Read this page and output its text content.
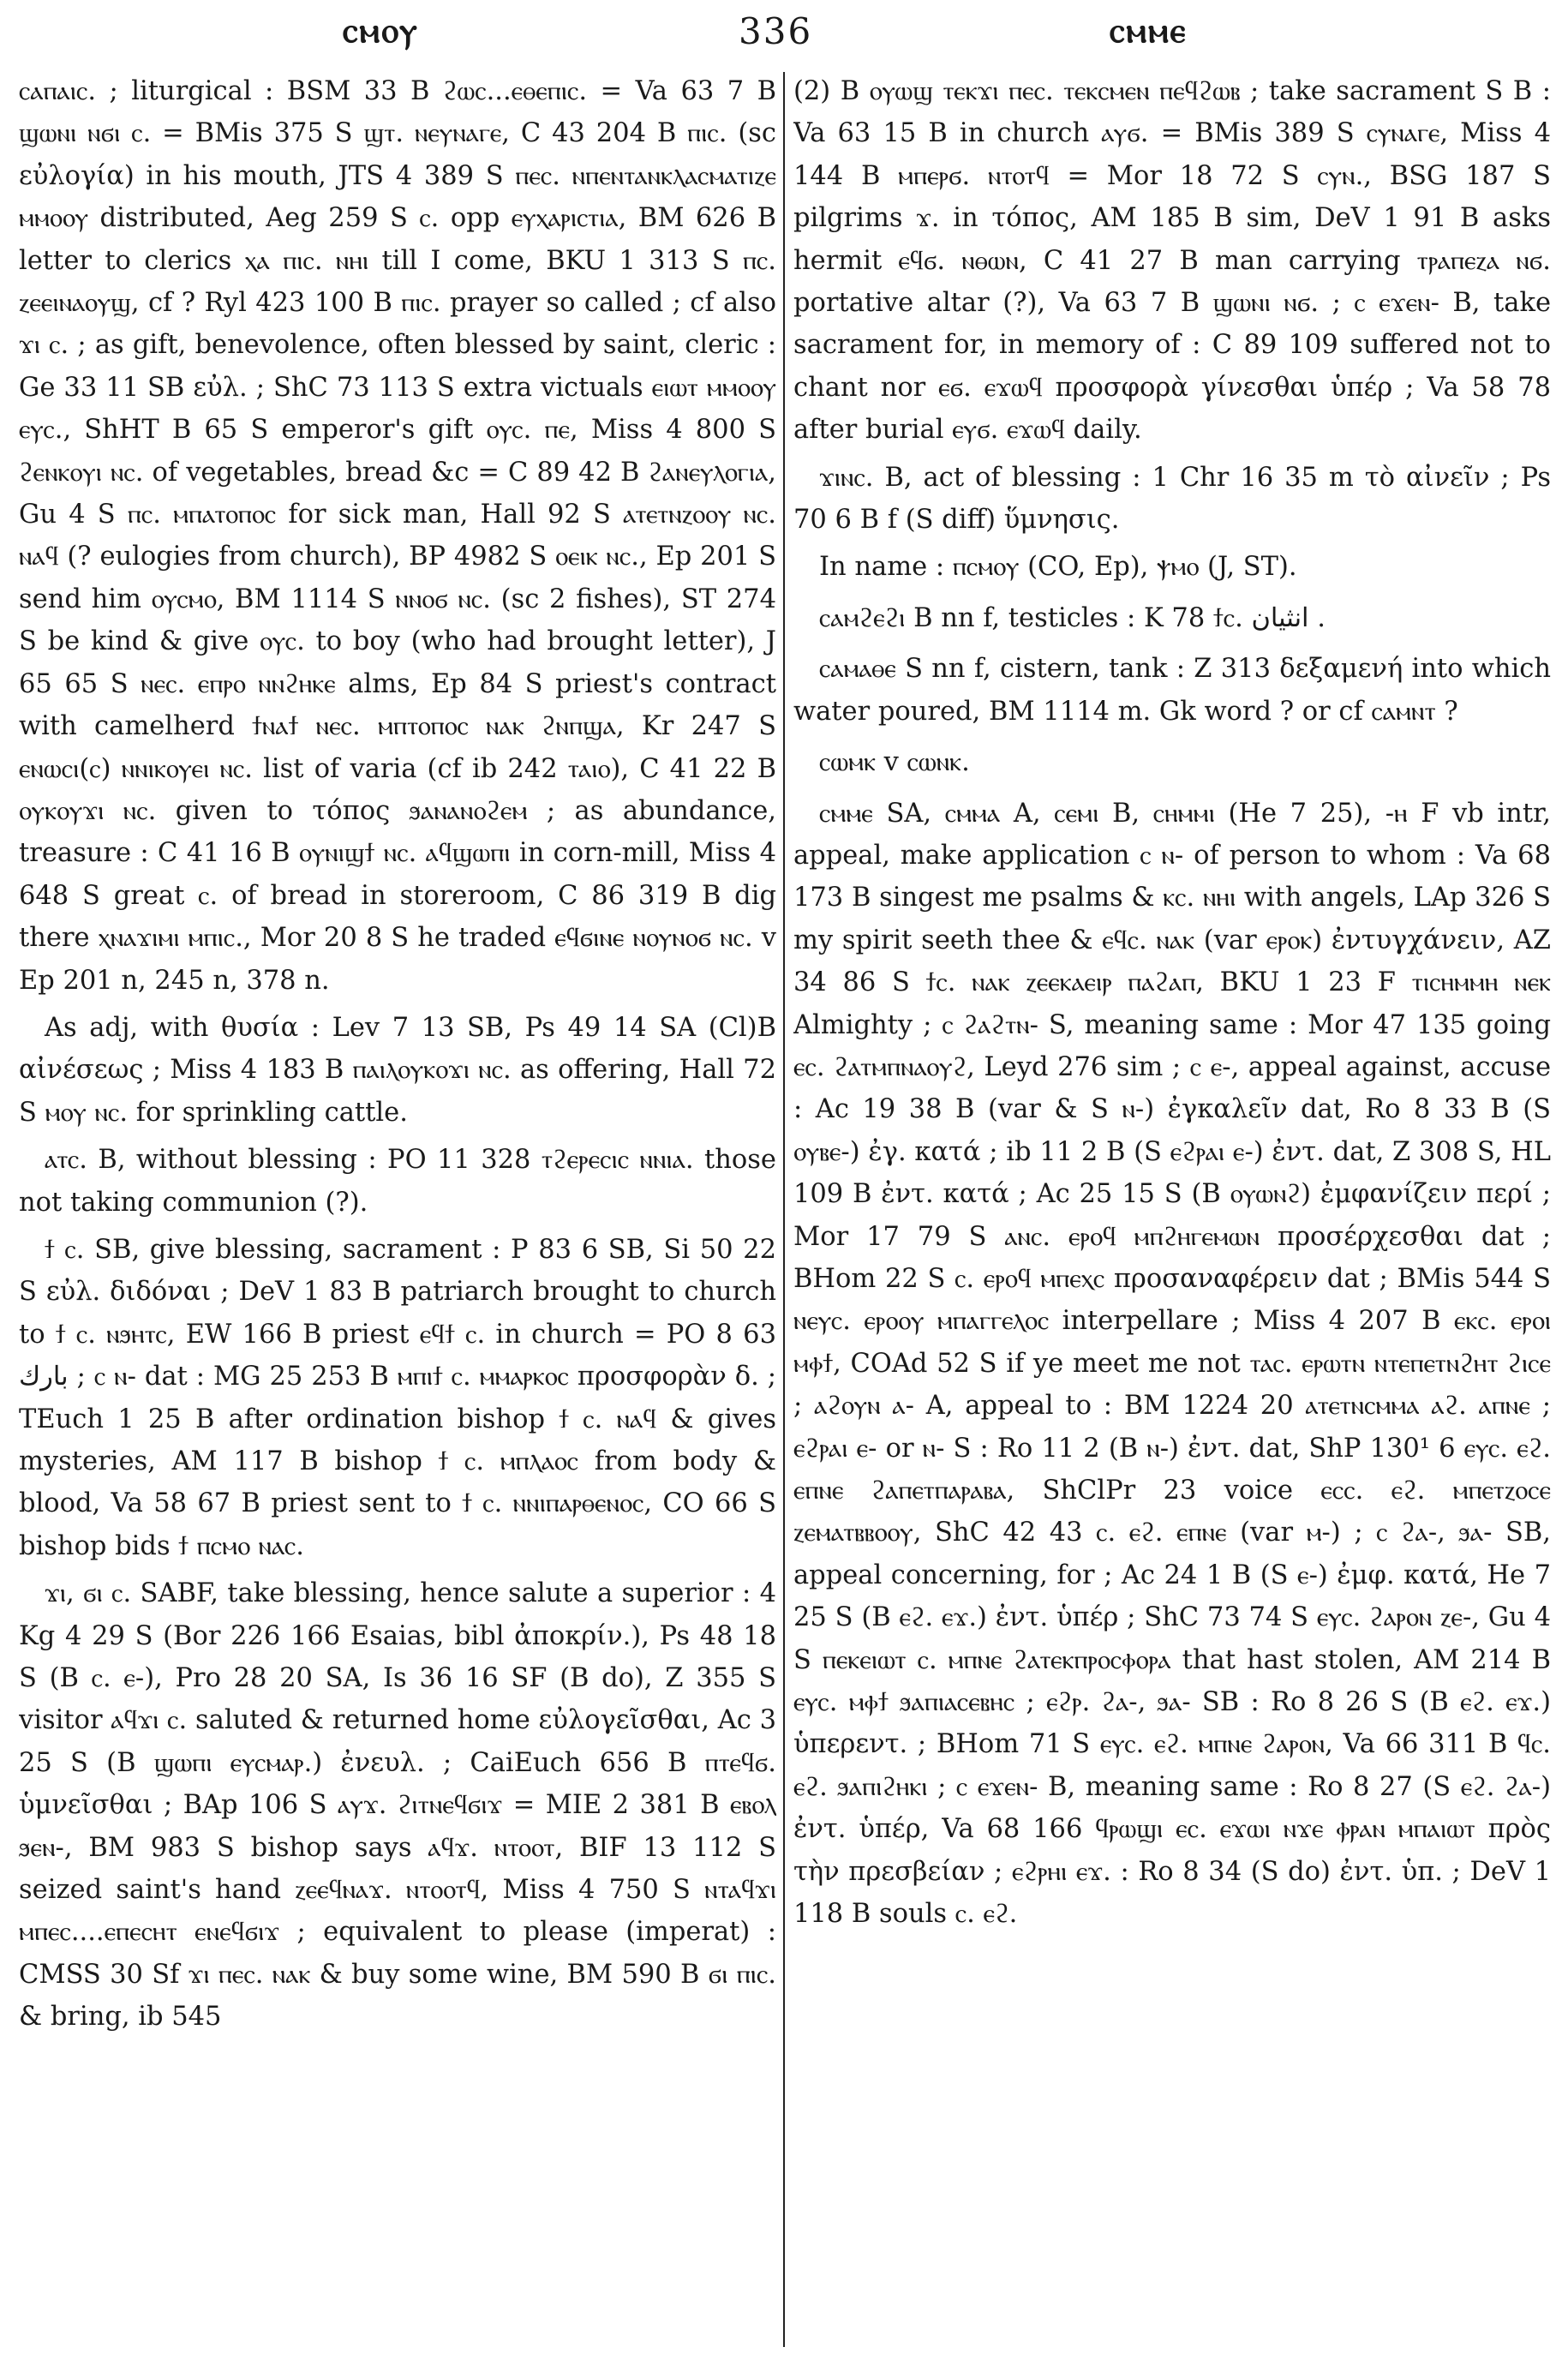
ⲥⲙⲟⲩ	336	ⲥⲙⲙⲉ

ⲥⲁⲡⲁⲓⲥ. ; liturgical : BSM 33 B ϩⲱⲥ...ⲉⲑⲉⲡⲓⲥ. = Va 63 7 B ϣⲱⲛⲓ ⲛϭⲓ ⲥ. = BMis 375 S ϣⲧ. ⲛⲉⲩⲛⲁⲅⲉ, C 43 204 B ⲡⲓⲥ. (sc εὐλογία) in his mouth, JTS 4 389 S ⲡⲉⲥ. ⲛⲡⲉⲛⲧⲁⲛⲕⲗⲁⲥⲙⲁⲧⲓⲍⲉ ⲙⲙⲟⲟⲩ distributed, Aeg 259 S ⲥ. opp ⲉⲩⲭⲁⲣⲓⲥⲧⲓⲁ, BM 626 B letter to clerics ⲭⲁ ⲡⲓⲥ. ⲛⲏⲓ till I come, BKU 1 313 S ⲡⲥ. ⲍⲉⲉⲓⲛⲁⲟⲩϣ, cf ? Ryl 423 100 B ⲡⲓⲥ. prayer so called ; cf also ϫⲓ ⲥ. ; as gift, benevolence, often blessed by saint, cleric : Ge 33 11 SB εὐλ. ; ShC 73 113 S extra victuals ⲉⲓⲱⲧ ⲙⲙⲟⲟⲩ ⲉⲩⲥ., ShHT B 65 S emperor's gift ⲟⲩⲥ. ⲡⲉ, Miss 4 800 S ϩⲉⲛⲕⲟⲩⲓ ⲛⲥ. of vegetables, bread &c = C 89 42 B ϩⲁⲛⲉⲩⲗⲟⲅⲓⲁ, Gu 4 S ⲡⲥ. ⲙⲡⲁⲧⲟⲡⲟⲥ for sick man, Hall 92 S ⲁⲧⲉⲧⲛⲍⲟⲟⲩ ⲛⲥ. ⲛⲁϥ (? eulogies from church), BP 4982 S ⲟⲉⲓⲕ ⲛⲥ., Ep 201 S send him ⲟⲩⲥⲙⲟ, BM 1114 S ⲛⲛⲟϭ ⲛⲥ. (sc 2 fishes), ST 274 S be kind & give ⲟⲩⲥ. to boy (who had brought letter), J 65 65 S ⲛⲉⲥ. ⲉⲡⲣⲟ ⲛⲛϩⲏⲕⲉ alms, Ep 84 S priest's contract with camelherd ϯⲛⲁϯ ⲛⲉⲥ. ⲙⲡⲧⲟⲡⲟⲥ ⲛⲁⲕ ϩⲛⲡϣⲁ, Kr 247 S ⲉⲛⲱⲥⲓ(ⲥ) ⲛⲛⲓⲕⲟⲩⲉⲓ ⲛⲥ. list of varia (cf ib 242 ⲧⲁⲓⲟ), C 41 22 B ⲟⲩⲕⲟⲩϫⲓ ⲛⲥ. given to τόπος ϧⲁⲛⲁⲛⲟϩⲉⲙ ; as abundance, treasure : C 41 16 B ⲟⲩⲛⲓϣϯ ⲛⲥ. ⲁϥϣⲱⲡⲓ in corn-mill, Miss 4 648 S great ⲥ. of bread in storeroom, C 86 319 B dig there ⲭⲛⲁϫⲓⲙⲓ ⲙⲡⲓⲥ., Mor 20 8 S he traded ⲉϥϭⲓⲛⲉ ⲛⲟⲩⲛⲟϭ ⲛⲥ. v Ep 201 n, 245 n, 378 n.

As adj, with θυσία : Lev 7 13 SB, Ps 49 14 SA (Cl)B αἰνέσεως ; Miss 4 183 B ⲡⲁⲓⲗⲟⲩⲕⲟϫⲓ ⲛⲥ. as offering, Hall 72 S ⲙⲟⲩ ⲛⲥ. for sprinkling cattle.

ⲁⲧⲥ. B, without blessing : PO 11 328 ⲧϩⲉⲣⲉⲥⲓⲥ ⲛⲛⲓⲁ. those not taking communion (?).

ϯ ⲥ. SB, give blessing, sacrament : P 83 6 SB, Si 50 22 S εὐλ. διδόναι ; DeV 1 83 B patriarch brought to church to ϯ ⲥ. ⲛϧⲏⲧⲥ, EW 166 B priest ⲉϥϯ ⲥ. in church = PO 8 63 بارك ; ⲥ ⲛ- dat : MG 25 253 B ⲙⲡⲓϯ ⲥ. ⲙⲙⲁⲣⲕⲟⲥ προσφορὰν δ. ; TEuch 1 25 B after ordination bishop ϯ ⲥ. ⲛⲁϥ & gives mysteries, AM 117 B bishop ϯ ⲥ. ⲙⲡⲗⲁⲟⲥ from body & blood, Va 58 67 B priest sent to ϯ ⲥ. ⲛⲛⲓⲡⲁⲣⲑⲉⲛⲟⲥ, CO 66 S bishop bids ϯ ⲡⲥⲙⲟ ⲛⲁⲥ.

ϫⲓ, ϭⲓ ⲥ. SABF, take blessing, hence salute a superior : 4 Kg 4 29 S (Bor 226 166 Esaias, bibl ἀποκρίν.), Ps 48 18 S (B ⲥ. ⲉ-), Pro 28 20 SA, Is 36 16 SF (B do), Z 355 S visitor ⲁϥϫⲓ ⲥ. saluted & returned home εὐλογεῖσθαι, Ac 3 25 S (B ϣⲱⲡⲓ ⲉⲩⲥⲙⲁⲣ.) ἐνευλ. ; CaiEuch 656 B ⲡⲧⲉϥϭ. ὑμνεῖσθαι ; BAp 106 S ⲁⲩϫ. ϩⲓⲧⲛⲉϥϭⲓϫ = MIE 2 381 B ⲉⲃⲟⲗ ϧⲉⲛ-, BM 983 S bishop says ⲁϥϫ. ⲛⲧⲟⲟⲧ, BIF 13 112 S seized saint's hand ⲍⲉⲉϥⲛⲁϫ. ⲛⲧⲟⲟⲧϥ, Miss 4 750 S ⲛⲧⲁϥϫⲓ ⲙⲡⲉⲥ....ⲉⲡⲉⲥⲏⲧ ⲉⲛⲉϥϭⲓϫ ; equivalent to please (imperat) : CMSS 30 Sf ϫⲓ ⲡⲉⲥ. ⲛⲁⲕ & buy some wine, BM 590 B ϭⲓ ⲡⲓⲥ. & bring, ib 545

(2) B ⲟⲩⲱϣ ⲧⲉⲕϫⲓ ⲡⲉⲥ. ⲧⲉⲕⲥⲙⲉⲛ ⲡⲉϥϩⲱⲃ ; take sacrament S B : Va 63 15 B in church ⲁⲩϭ. = BMis 389 S ⲥⲩⲛⲁⲅⲉ, Miss 4 144 B ⲙⲡⲉⲣϭ. ⲛⲧⲟⲧϥ = Mor 18 72 S ⲥⲩⲛ., BSG 187 S pilgrims ϫ. in τόπος, AM 185 B sim, DeV 1 91 B asks hermit ⲉϥϭ. ⲛⲑⲱⲛ, C 41 27 B man carrying ⲧⲣⲁⲡⲉⲍⲁ ⲛϭ. portative altar (?), Va 63 7 B ϣⲱⲛⲓ ⲛϭ. ; ⲥ ⲉϫⲉⲛ- B, take sacrament for, in memory of : C 89 109 suffered not to chant nor ⲉϭ. ⲉϫⲱϥ προσφορὰ γίνεσθαι ὑπέρ ; Va 58 78 after burial ⲉⲩϭ. ⲉϫⲱϥ daily.

ϫⲓⲛⲥ. B, act of blessing : 1 Chr 16 35 m τὸ αἰνεῖν ; Ps 70 6 B f (S diff) ὕμνησις.

In name : ⲡⲥⲙⲟⲩ (CO, Ep), ⲯⲙⲟ (J, ST).

ⲥⲁⲙϩⲉϩⲓ B nn f, testicles : K 78 ϯⲥ. انثيان .

ⲥⲁⲙⲁⲑⲉ S nn f, cistern, tank : Z 313 δεξαμενή into which water poured, BM 1114 m. Gk word ? or cf ⲥⲁⲙⲛⲧ ?

ⲥⲱⲙⲕ v ⲥⲱⲛⲕ.

ⲥⲙⲙⲉ SA, ⲥⲙⲙⲁ A, ⲥⲉⲙⲓ B, ⲥⲏⲙⲙⲓ (He 7 25), -ⲏ F vb intr, appeal, make application ⲥ ⲛ- of person to whom : Va 68 173 B singest me psalms & ⲕⲥ. ⲛⲏⲓ with angels, LAp 326 S my spirit seeth thee & ⲉϥⲥ. ⲛⲁⲕ (var ⲉⲣⲟⲕ) ἐντυγχάνειν, AZ 34 86 S ϯⲥ. ⲛⲁⲕ ⲍⲉⲉⲕⲁⲉⲓⲣ ⲡⲁϩⲁⲡ, BKU 1 23 F ⲧⲓⲥⲏⲙⲙⲏ ⲛⲉⲕ Almighty ; ⲥ ϩⲁϩⲧⲛ- S, meaning same : Mor 47 135 going ⲉⲥ. ϩⲁⲧⲙⲡⲛⲁⲟⲩϩ, Leyd 276 sim ; ⲥ ⲉ-, appeal against, accuse : Ac 19 38 B (var & S ⲛ-) ἐγκαλεῖν dat, Ro 8 33 B (S ⲟⲩⲃⲉ-) ἐγ. κατά ; ib 11 2 B (S ⲉϩⲣⲁⲓ ⲉ-) ἐντ. dat, Z 308 S, HL 109 B ἐντ. κατά ; Ac 25 15 S (B ⲟⲩⲱⲛϩ) ἐμφανίζειν περί ; Mor 17 79 S ⲁⲛⲥ. ⲉⲣⲟϥ ⲙⲡϩⲏⲅⲉⲙⲱⲛ προσέρχεσθαι dat ; BHom 22 S ⲥ. ⲉⲣⲟϥ ⲙⲡⲉⲭⲥ προσαναφέρειν dat ; BMis 544 S ⲛⲉⲩⲥ. ⲉⲣⲟⲟⲩ ⲙⲡⲁⲅⲅⲉⲗⲟⲥ interpellare ; Miss 4 207 B ⲉⲕⲥ. ⲉⲣⲟⲓ ⲙⲫϯ, COAd 52 S if ye meet me not ⲧⲁⲥ. ⲉⲣⲱⲧⲛ ⲛⲧⲉⲡⲉⲧⲛϩⲏⲧ ϩⲓⲥⲉ ; ⲁϩⲟⲩⲛ ⲁ- A, appeal to : BM 1224 20 ⲁⲧⲉⲧⲛⲥⲙⲙⲁ ⲁϩ. ⲁⲡⲛⲉ ; ⲉϩⲣⲁⲓ ⲉ- or ⲛ- S : Ro 11 2 (B ⲛ-) ἐντ. dat, ShP 130¹ 6 ⲉⲩⲥ. ⲉϩ. ⲉⲡⲛⲉ ϩⲁⲡⲉⲧⲡⲁⲣⲁⲃⲁ, ShClPr 23 voice ⲉⲥⲥ. ⲉϩ. ⲙⲡⲉⲧⲍⲟⲥⲉ ⲍⲉⲙⲁⲧⲃⲃⲟⲟⲩ, ShC 42 43 ⲥ. ⲉϩ. ⲉⲡⲛⲉ (var ⲙ-) ; ⲥ ϩⲁ-, ϧⲁ- SB, appeal concerning, for ; Ac 24 1 B (S ⲉ-) ἐμφ. κατά, He 7 25 S (B ⲉϩ. ⲉϫ.) ἐντ. ὑπέρ ; ShC 73 74 S ⲉⲩⲥ. ϩⲁⲣⲟⲛ ⲍⲉ-, Gu 4 S ⲡⲉⲕⲉⲓⲱⲧ ⲥ. ⲙⲡⲛⲉ ϩⲁⲧⲉⲕⲡⲣⲟⲥⲫⲟⲣⲁ that hast stolen, AM 214 B ⲉⲩⲥ. ⲙⲫϯ ϧⲁⲡⲓⲁⲥⲉⲃⲏⲥ ; ⲉϩⲣ. ϩⲁ-, ϧⲁ- SB : Ro 8 26 S (B ⲉϩ. ⲉϫ.) ὑπερεντ. ; BHom 71 S ⲉⲩⲥ. ⲉϩ. ⲙⲡⲛⲉ ϩⲁⲣⲟⲛ, Va 66 311 B ϥⲥ. ⲉϩ. ϧⲁⲡⲓϩⲏⲕⲓ ; ⲥ ⲉϫⲉⲛ- B, meaning same : Ro 8 27 (S ⲉϩ. ϩⲁ-) ἐντ. ὑπέρ, Va 68 166 ϥⲣⲱϣⲓ ⲉⲥ. ⲉϫⲱⲓ ⲛϫⲉ ⲫⲣⲁⲛ ⲙⲡⲁⲓⲱⲧ πρὸς τὴν πρεσβείαν ; ⲉϩⲣⲏⲓ ⲉϫ. : Ro 8 34 (S do) ἐντ. ὑπ. ; DeV 1 118 B souls ⲥ. ⲉϩ.
